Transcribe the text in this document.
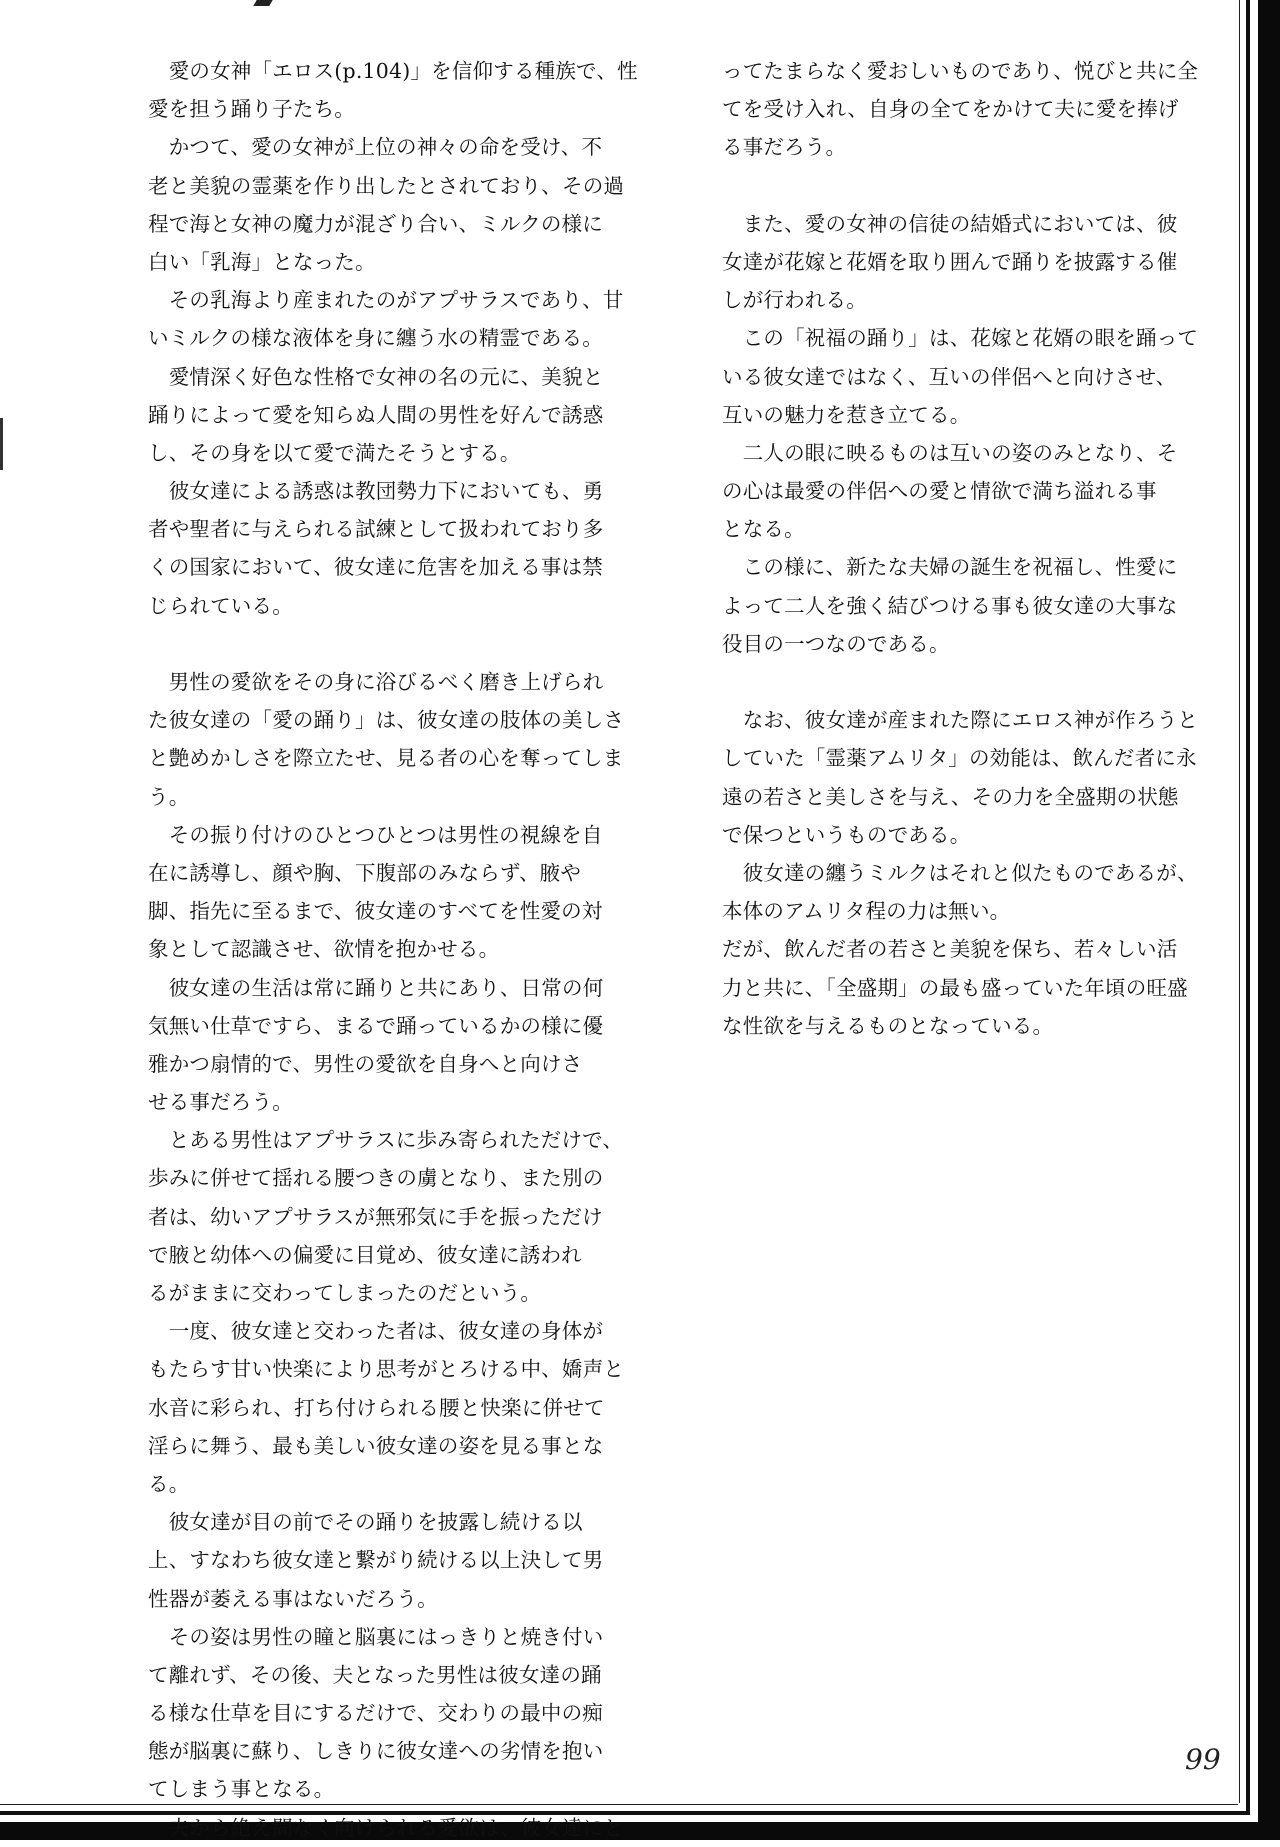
　愛の女神「エロス(p.104)」を信仰する種族で、性
愛を担う踊り子たち。
　かつて、愛の女神が上位の神々の命を受け、不
老と美貌の霊薬を作り出したとされており、その過
程で海と女神の魔力が混ざり合い、ミルクの様に
白い「乳海」となった。
　その乳海より産まれたのがアプサラスであり、甘
いミルクの様な液体を身に纏う水の精霊である。
　愛情深く好色な性格で女神の名の元に、美貌と
踊りによって愛を知らぬ人間の男性を好んで誘惑
し、その身を以て愛で満たそうとする。
　彼女達による誘惑は教団勢力下においても、勇
者や聖者に与えられる試練として扱われており多
くの国家において、彼女達に危害を加える事は禁
じられている。
　男性の愛欲をその身に浴びるべく磨き上げられ
た彼女達の「愛の踊り」は、彼女達の肢体の美しさ
と艶めかしさを際立たせ、見る者の心を奪ってしま
う。
　その振り付けのひとつひとつは男性の視線を自
在に誘導し、顔や胸、下腹部のみならず、腋や
脚、指先に至るまで、彼女達のすべてを性愛の対
象として認識させ、欲情を抱かせる。
　彼女達の生活は常に踊りと共にあり、日常の何
気無い仕草ですら、まるで踊っているかの様に優
雅かつ扇情的で、男性の愛欲を自身へと向けさ
せる事だろう。
　とある男性はアプサラスに歩み寄られただけで、
歩みに併せて揺れる腰つきの虜となり、また別の
者は、幼いアプサラスが無邪気に手を振っただけ
で腋と幼体への偏愛に目覚め、彼女達に誘われ
るがままに交わってしまったのだという。
　一度、彼女達と交わった者は、彼女達の身体が
もたらす甘い快楽により思考がとろける中、嬌声と
水音に彩られ、打ち付けられる腰と快楽に併せて
淫らに舞う、最も美しい彼女達の姿を見る事とな
る。
　彼女達が目の前でその踊りを披露し続ける以
上、すなわち彼女達と繋がり続ける以上決して男
性器が萎える事はないだろう。
　その姿は男性の瞳と脳裏にはっきりと焼き付い
て離れず、その後、夫となった男性は彼女達の踊
る様な仕草を目にするだけで、交わりの最中の痴
態が脳裏に蘇り、しきりに彼女達への劣情を抱い
てしまう事となる。
　夫から絶え間なく向けられる愛欲は、彼女達にと
ってたまらなく愛おしいものであり、悦びと共に全
てを受け入れ、自身の全てをかけて夫に愛を捧げ
る事だろう。
　また、愛の女神の信徒の結婚式においては、彼
女達が花嫁と花婿を取り囲んで踊りを披露する催
しが行われる。
　この「祝福の踊り」は、花嫁と花婿の眼を踊って
いる彼女達ではなく、互いの伴侶へと向けさせ、
互いの魅力を惹き立てる。
　二人の眼に映るものは互いの姿のみとなり、そ
の心は最愛の伴侶への愛と情欲で満ち溢れる事
となる。
　この様に、新たな夫婦の誕生を祝福し、性愛に
よって二人を強く結びつける事も彼女達の大事な
役目の一つなのである。
　なお、彼女達が産まれた際にエロス神が作ろうと
していた「霊薬アムリタ」の効能は、飲んだ者に永
遠の若さと美しさを与え、その力を全盛期の状態
で保つというものである。
　彼女達の纏うミルクはそれと似たものであるが、
本体のアムリタ程の力は無い。
だが、飲んだ者の若さと美貌を保ち、若々しい活
力と共に、「全盛期」の最も盛っていた年頃の旺盛
な性欲を与えるものとなっている。
99
